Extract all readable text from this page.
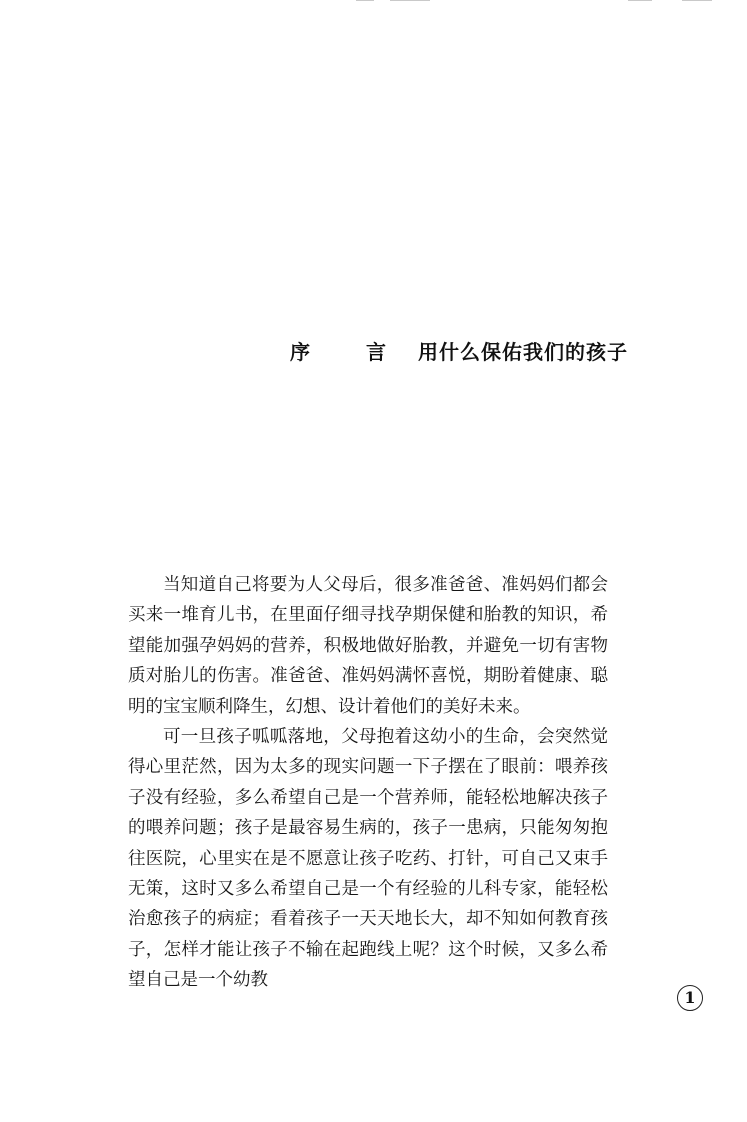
序　言 用什么保佑我们的孩子

当知道自己将要为人父母后，很多准爸爸、准妈妈们都会买来一堆育儿书，在里面仔细寻找孕期保健和胎教的知识，希望能加强孕妈妈的营养，积极地做好胎教，并避免一切有害物质对胎儿的伤害。准爸爸、准妈妈满怀喜悦，期盼着健康、聪明的宝宝顺利降生，幻想、设计着他们的美好未来。

可一旦孩子呱呱落地，父母抱着这幼小的生命，会突然觉得心里茫然，因为太多的现实问题一下子摆在了眼前：喂养孩子没有经验，多么希望自己是一个营养师，能轻松地解决孩子的喂养问题；孩子是最容易生病的，孩子一患病，只能匆匆抱往医院，心里实在是不愿意让孩子吃药、打针，可自己又束手无策，这时又多么希望自己是一个有经验的儿科专家，能轻松治愈孩子的病症；看着孩子一天天地长大，却不知如何教育孩子，怎样才能让孩子不输在起跑线上呢？这个时候，又多么希望自己是一个幼教

1
